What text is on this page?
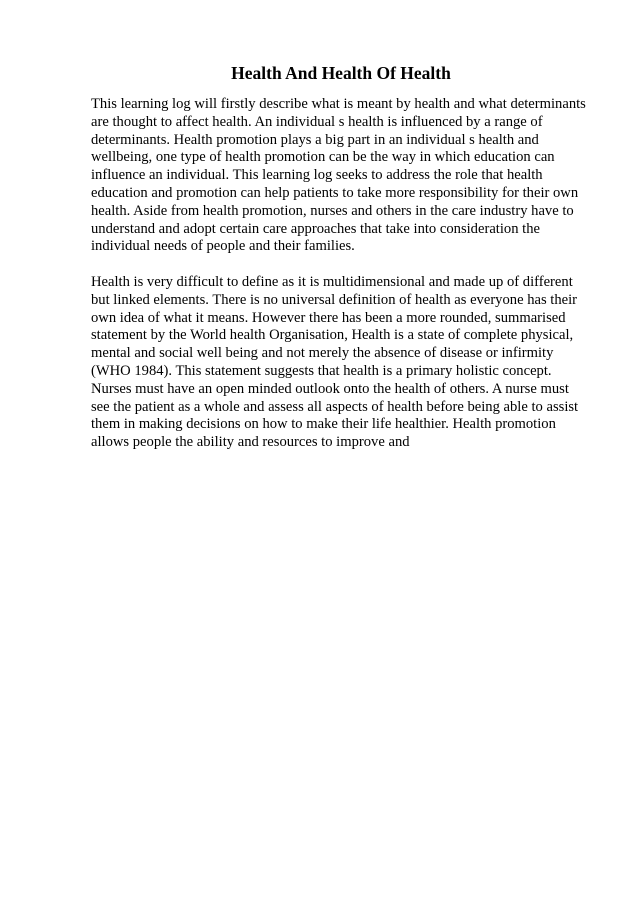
Health And Health Of Health

This learning log will firstly describe what is meant by health and what determinants
are thought to affect health. An individual s health is influenced by a range of
determinants. Health promotion plays a big part in an individual s health and
wellbeing, one type of health promotion can be the way in which education can
influence an individual. This learning log seeks to address the role that health
education and promotion can help patients to take more responsibility for their own
health. Aside from health promotion, nurses and others in the care industry have to
understand and adopt certain care approaches that take into consideration the
individual needs of people and their families.

Health is very difficult to define as it is multidimensional and made up of different
but linked elements. There is no universal definition of health as everyone has their
own idea of what it means. However there has been a more rounded, summarised
statement by the World health Organisation, Health is a state of complete physical,
mental and social well being and not merely the absence of disease or infirmity
(WHO 1984). This statement suggests that health is a primary holistic concept.
Nurses must have an open minded outlook onto the health of others. A nurse must
see the patient as a whole and assess all aspects of health before being able to assist
them in making decisions on how to make their life healthier. Health promotion
allows people the ability and resources to improve and
